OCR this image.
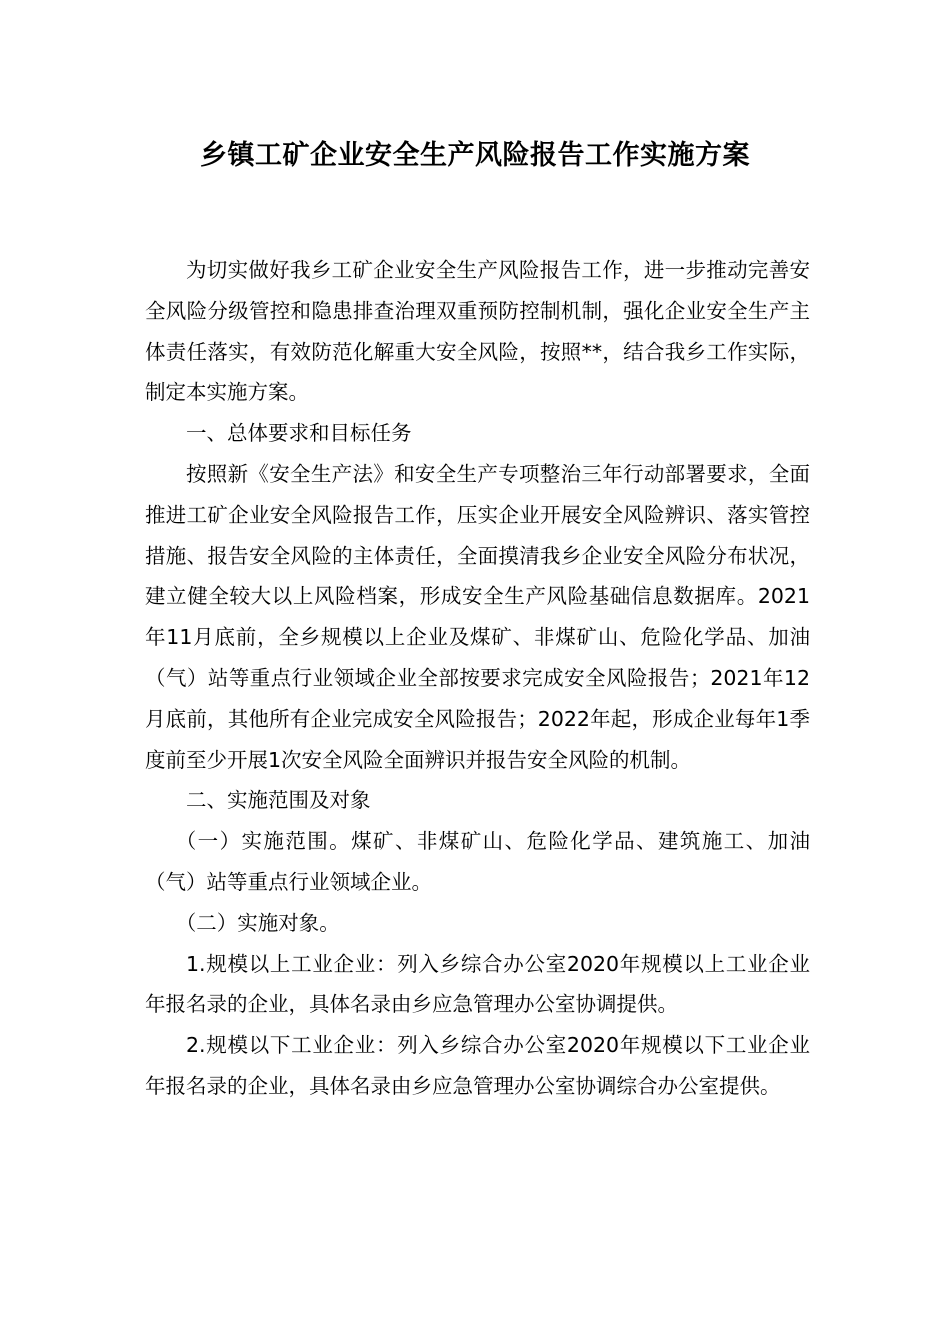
乡镇工矿企业安全生产风险报告工作实施方案

为切实做好我乡工矿企业安全生产风险报告工作，进一步推动完善安全风险分级管控和隐患排查治理双重预防控制机制，强化企业安全生产主体责任落实，有效防范化解重大安全风险，按照**，结合我乡工作实际，制定本实施方案。

一、总体要求和目标任务

按照新《安全生产法》和安全生产专项整治三年行动部署要求，全面推进工矿企业安全风险报告工作，压实企业开展安全风险辨识、落实管控措施、报告安全风险的主体责任，全面摸清我乡企业安全风险分布状况，建立健全较大以上风险档案，形成安全生产风险基础信息数据库。2021年11月底前，全乡规模以上企业及煤矿、非煤矿山、危险化学品、加油（气）站等重点行业领域企业全部按要求完成安全风险报告；2021年12月底前，其他所有企业完成安全风险报告；2022年起，形成企业每年1季度前至少开展1次安全风险全面辨识并报告安全风险的机制。

二、实施范围及对象

（一）实施范围。煤矿、非煤矿山、危险化学品、建筑施工、加油（气）站等重点行业领域企业。

（二）实施对象。

1.规模以上工业企业：列入乡综合办公室2020年规模以上工业企业年报名录的企业，具体名录由乡应急管理办公室协调提供。

2.规模以下工业企业：列入乡综合办公室2020年规模以下工业企业年报名录的企业，具体名录由乡应急管理办公室协调综合办公室提供。
